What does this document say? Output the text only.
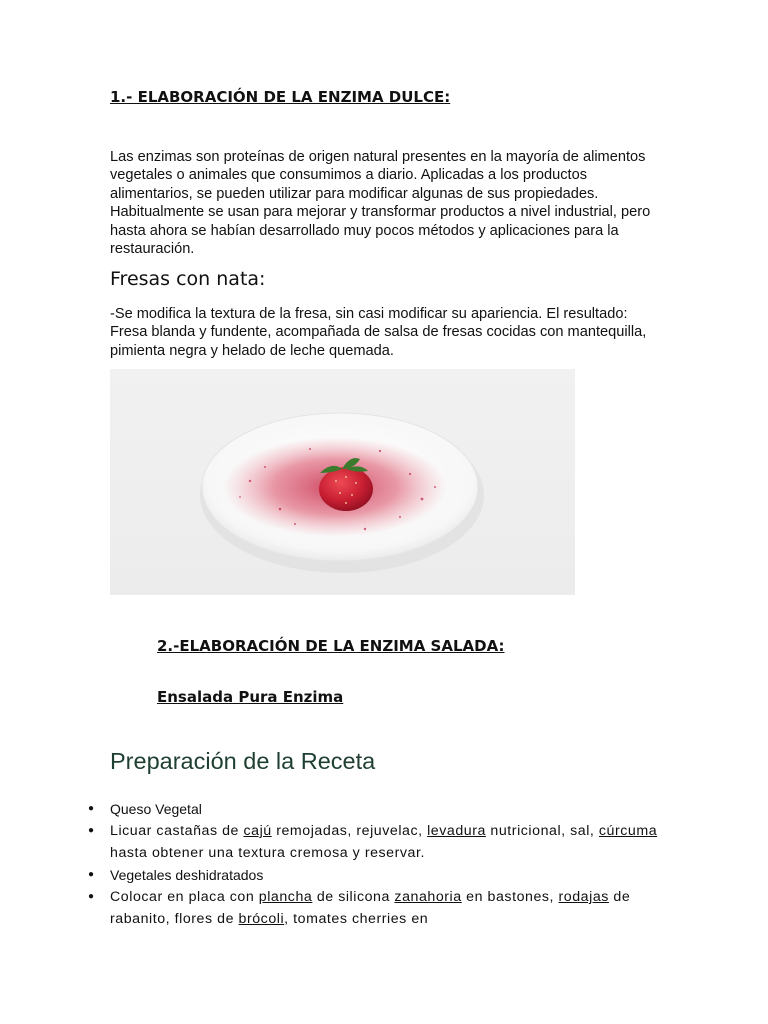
1.- ELABORACIÓN DE LA ENZIMA DULCE:

Las enzimas son proteínas de origen natural presentes en la mayoría de alimentos vegetales o animales que consumimos a diario. Aplicadas a los productos alimentarios, se pueden utilizar para modificar algunas de sus propiedades. Habitualmente se usan para mejorar y transformar productos a nivel industrial, pero hasta ahora se habían desarrollado muy pocos métodos y aplicaciones para la restauración.

Fresas con nata:

-Se modifica la textura de la fresa, sin casi modificar su apariencia. El resultado: Fresa blanda y fundente, acompañada de salsa de fresas cocidas con mantequilla, pimienta negra y helado de leche quemada.

2.-ELABORACIÓN DE LA ENZIMA SALADA:
Ensalada Pura Enzima
Preparación de la Receta
● Queso Vegetal
● Licuar castañas de cajú remojadas, rejuvelac, levadura nutricional, sal, cúrcuma hasta obtener una textura cremosa y reservar.
● Vegetales deshidratados
● Colocar en placa con plancha de silicona zanahoria en bastones, rodajas de rabanito, flores de brócoli, tomates cherries en
